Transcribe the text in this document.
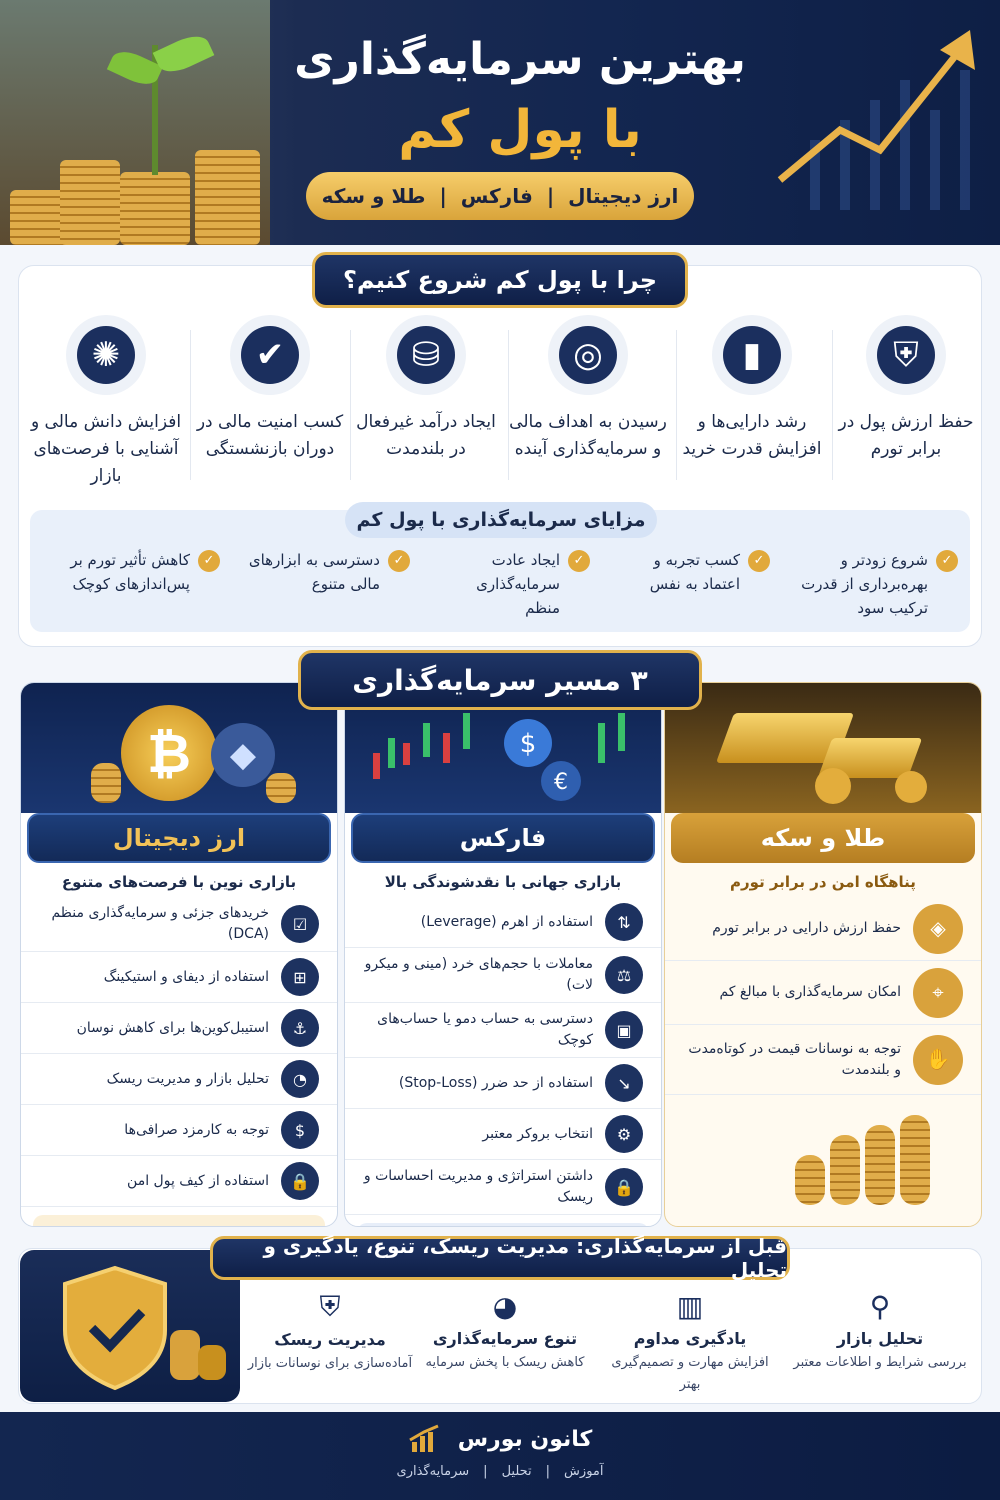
بهترین سرمایه‌گذاری
با پول کم
ارز دیجیتال
|
فارکس
|
طلا و سکه
چرا با پول کم شروع کنیم؟
⛨
حفظ ارزش پول در برابر تورم
▮
رشد دارایی‌ها و افزایش قدرت خرید
◎
رسیدن به اهداف مالی و سرمایه‌گذاری آینده
⛁
ایجاد درآمد غیرفعال در بلندمدت
✔
کسب امنیت مالی در دوران بازنشستگی
✺
افزایش دانش مالی و آشنایی با فرصت‌های بازار
مزایای سرمایه‌گذاری با پول کم
✓
شروع زودتر و بهره‌برداری از قدرت ترکیب سود
✓
کسب تجربه و اعتماد به نفس
✓
ایجاد عادت سرمایه‌گذاری منظم
✓
دسترسی به ابزارهای مالی متنوع
✓
کاهش تأثیر تورم بر پس‌اندازهای کوچک
طلا و سکه
پناهگاه امن در برابر تورم
◈
حفظ ارزش دارایی در برابر تورم
⌖
امکان سرمایه‌گذاری با مبالغ کم
✋
توجه به نوسانات قیمت در کوتاه‌مدت و بلندمدت
$
€
فارکس
بازاری جهانی با نقدشوندگی بالا
⇅
استفاده از اهرم (Leverage)
⚖
معاملات با حجم‌های خرد (مینی و میکرو لات)
▣
دسترسی به حساب دمو یا حساب‌های کوچک
↘
استفاده از حد ضرر (Stop-Loss)
⚙
انتخاب بروکر معتبر
🔒
داشتن استراتژی و مدیریت احساسات و ریسک
₿	◆
ارز دیجیتال
بازاری نوین با فرصت‌های متنوع
☑
خریدهای جزئی و سرمایه‌گذاری منظم (DCA)
⊞
استفاده از دیفای و استیکینگ
⚓
استیبل‌کوین‌ها برای کاهش نوسان
◔
تحلیل بازار و مدیریت ریسک
$
توجه به کارمزد صرافی‌ها
🔒
استفاده از کیف پول امن
۳ مسیر سرمایه‌گذاری
قبل از سرمایه‌گذاری: مدیریت ریسک، تنوع، یادگیری و تحلیل
⚲
تحلیل بازار
بررسی شرایط و اطلاعات معتبر
▥
یادگیری مداوم
افزایش مهارت و تصمیم‌گیری بهتر
◕
تنوع سرمایه‌گذاری
کاهش ریسک با پخش سرمایه
⛨
مدیریت ریسک
آماده‌سازی برای نوسانات بازار
کانون بورس
آموزش
|
تحلیل
|
سرمایه‌گذاری
